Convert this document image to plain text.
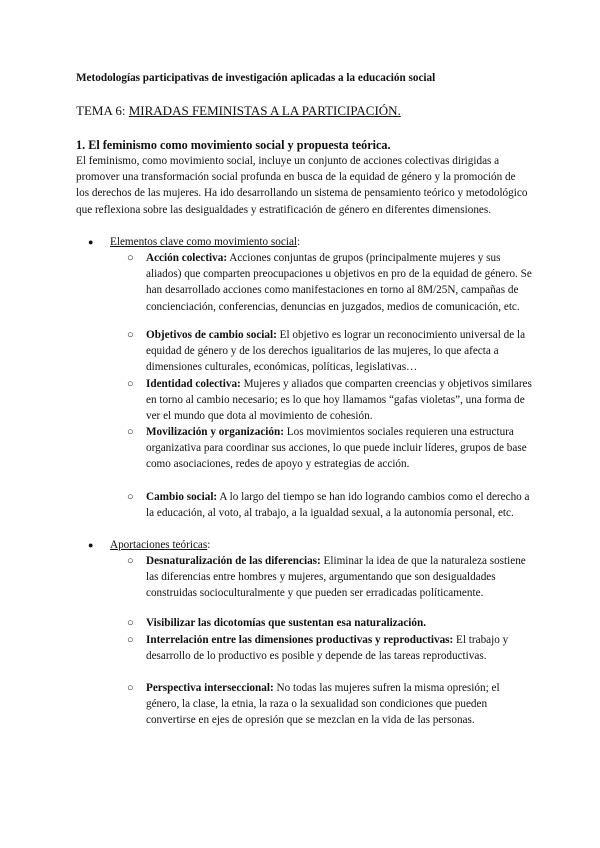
Metodologías participativas de investigación aplicadas a la educación social
TEMA 6: MIRADAS FEMINISTAS A LA PARTICIPACIÓN.
1. El feminismo como movimiento social y propuesta teórica.
El feminismo, como movimiento social, incluye un conjunto de acciones colectivas dirigidas a promover una transformación social profunda en busca de la equidad de género y la promoción de los derechos de las mujeres. Ha ido desarrollando un sistema de pensamiento teórico y metodológico que reflexiona sobre las desigualdades y estratificación de género en diferentes dimensiones.
● Elementos clave como movimiento social:
○ Acción colectiva: Acciones conjuntas de grupos (principalmente mujeres y sus aliados) que comparten preocupaciones u objetivos en pro de la equidad de género. Se han desarrollado acciones como manifestaciones en torno al 8M/25N, campañas de concienciación, conferencias, denuncias en juzgados, medios de comunicación, etc.
○ Objetivos de cambio social: El objetivo es lograr un reconocimiento universal de la equidad de género y de los derechos igualitarios de las mujeres, lo que afecta a dimensiones culturales, económicas, políticas, legislativas…
○ Identidad colectiva: Mujeres y aliados que comparten creencias y objetivos similares en torno al cambio necesario; es lo que hoy llamamos “gafas violetas”, una forma de ver el mundo que dota al movimiento de cohesión.
○ Movilización y organización: Los movimientos sociales requieren una estructura organizativa para coordinar sus acciones, lo que puede incluir líderes, grupos de base como asociaciones, redes de apoyo y estrategias de acción.
○ Cambio social: A lo largo del tiempo se han ido logrando cambios como el derecho a la educación, al voto, al trabajo, a la igualdad sexual, a la autonomía personal, etc.
● Aportaciones teóricas:
○ Desnaturalización de las diferencias: Eliminar la idea de que la naturaleza sostiene las diferencias entre hombres y mujeres, argumentando que son desigualdades construidas socioculturalmente y que pueden ser erradicadas políticamente.
○ Visibilizar las dicotomías que sustentan esa naturalización.
○ Interrelación entre las dimensiones productivas y reproductivas: El trabajo y desarrollo de lo productivo es posible y depende de las tareas reproductivas.
○ Perspectiva interseccional: No todas las mujeres sufren la misma opresión; el género, la clase, la etnia, la raza o la sexualidad son condiciones que pueden convertirse en ejes de opresión que se mezclan en la vida de las personas.
